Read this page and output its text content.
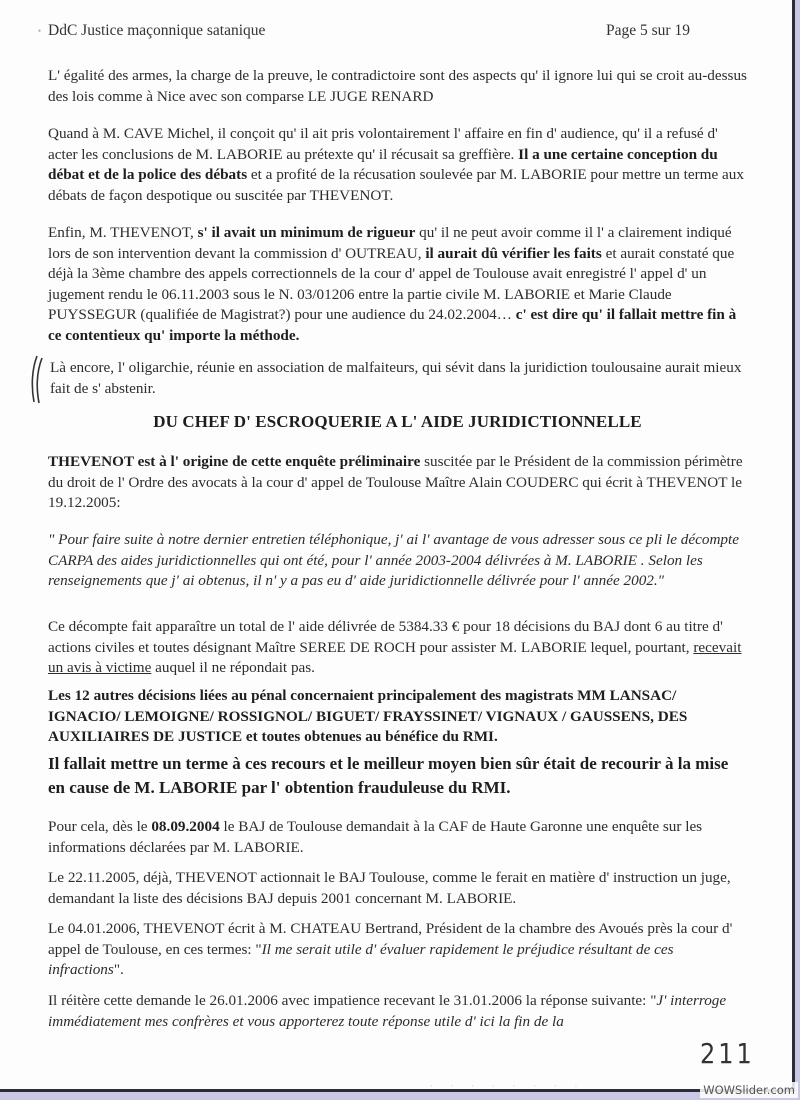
• DdC Justice maçonnique satanique	Page 5 sur 19

L' égalité des armes, la charge de la preuve, le contradictoire sont des aspects qu' il ignore lui qui se croit au-dessus des lois comme à Nice avec son comparse LE JUGE RENARD

Quand à M. CAVE Michel, il conçoit qu' il ait pris volontairement l' affaire en fin d' audience, qu' il a refusé d' acter les conclusions de M. LABORIE au prétexte qu' il récusait sa greffière. Il a une certaine conception du débat et de la police des débats et a profité de la récusation soulevée par M. LABORIE pour mettre un terme aux débats de façon despotique ou suscitée par THEVENOT.

Enfin, M. THEVENOT, s' il avait un minimum de rigueur qu' il ne peut avoir comme il l' a clairement indiqué lors de son intervention devant la commission d' OUTREAU, il aurait dû vérifier les faits et aurait constaté que déjà la 3ème chambre des appels correctionnels de la cour d' appel de Toulouse avait enregistré l' appel d' un jugement rendu le 06.11.2003 sous le N. 03/01206 entre la partie civile M. LABORIE et Marie Claude PUYSSEGUR (qualifiée de Magistrat?) pour une audience du 24.02.2004… c' est dire qu' il fallait mettre fin à ce contentieux qu' importe la méthode.

Là encore, l' oligarchie, réunie en association de malfaiteurs, qui sévit dans la juridiction toulousaine aurait mieux fait de s' abstenir.

DU CHEF D' ESCROQUERIE A L' AIDE JURIDICTIONNELLE

THEVENOT est à l' origine de cette enquête préliminaire suscitée par le Président de la commission périmètre du droit de l' Ordre des avocats à la cour d' appel de Toulouse Maître Alain COUDERC qui écrit à THEVENOT le 19.12.2005:

" Pour faire suite à notre dernier entretien téléphonique, j' ai l' avantage de vous adresser sous ce pli le décompte CARPA des aides juridictionnelles qui ont été, pour l' année 2003-2004 délivrées à M. LABORIE . Selon les renseignements que j' ai obtenus, il n' y a pas eu d' aide juridictionnelle délivrée pour l' année 2002."

Ce décompte fait apparaître un total de l' aide délivrée de 5384.33 € pour 18 décisions du BAJ dont 6 au titre d' actions civiles et toutes désignant Maître SEREE DE ROCH pour assister M. LABORIE lequel, pourtant, recevait un avis à victime auquel il ne répondait pas.

Les 12 autres décisions liées au pénal concernaient principalement des magistrats MM LANSAC/ IGNACIO/ LEMOIGNE/ ROSSIGNOL/ BIGUET/ FRAYSSINET/ VIGNAUX / GAUSSENS, DES AUXILIAIRES DE JUSTICE et toutes obtenues au bénéfice du RMI.

Il fallait mettre un terme à ces recours et le meilleur moyen bien sûr était de recourir à la mise en cause de M. LABORIE par l' obtention frauduleuse du RMI.

Pour cela, dès le 08.09.2004 le BAJ de Toulouse demandait à la CAF de Haute Garonne une enquête sur les informations déclarées par M. LABORIE.

Le 22.11.2005, déjà, THEVENOT actionnait le BAJ Toulouse, comme le ferait en matière d' instruction un juge, demandant la liste des décisions BAJ depuis 2001 concernant M. LABORIE.

Le 04.01.2006, THEVENOT écrit à M. CHATEAU Bertrand, Président de la chambre des Avoués près la cour d' appel de Toulouse, en ces termes: "Il me serait utile d' évaluer rapidement le préjudice résultant de ces infractions".

Il réitère cette demande le 26.01.2006 avec impatience recevant le 31.01.2006 la réponse suivante: "J' interroge immédiatement mes confrères et vous apporterez toute réponse utile d' ici la fin de la

211
· · · · · · · ·	WOWSlider.com
